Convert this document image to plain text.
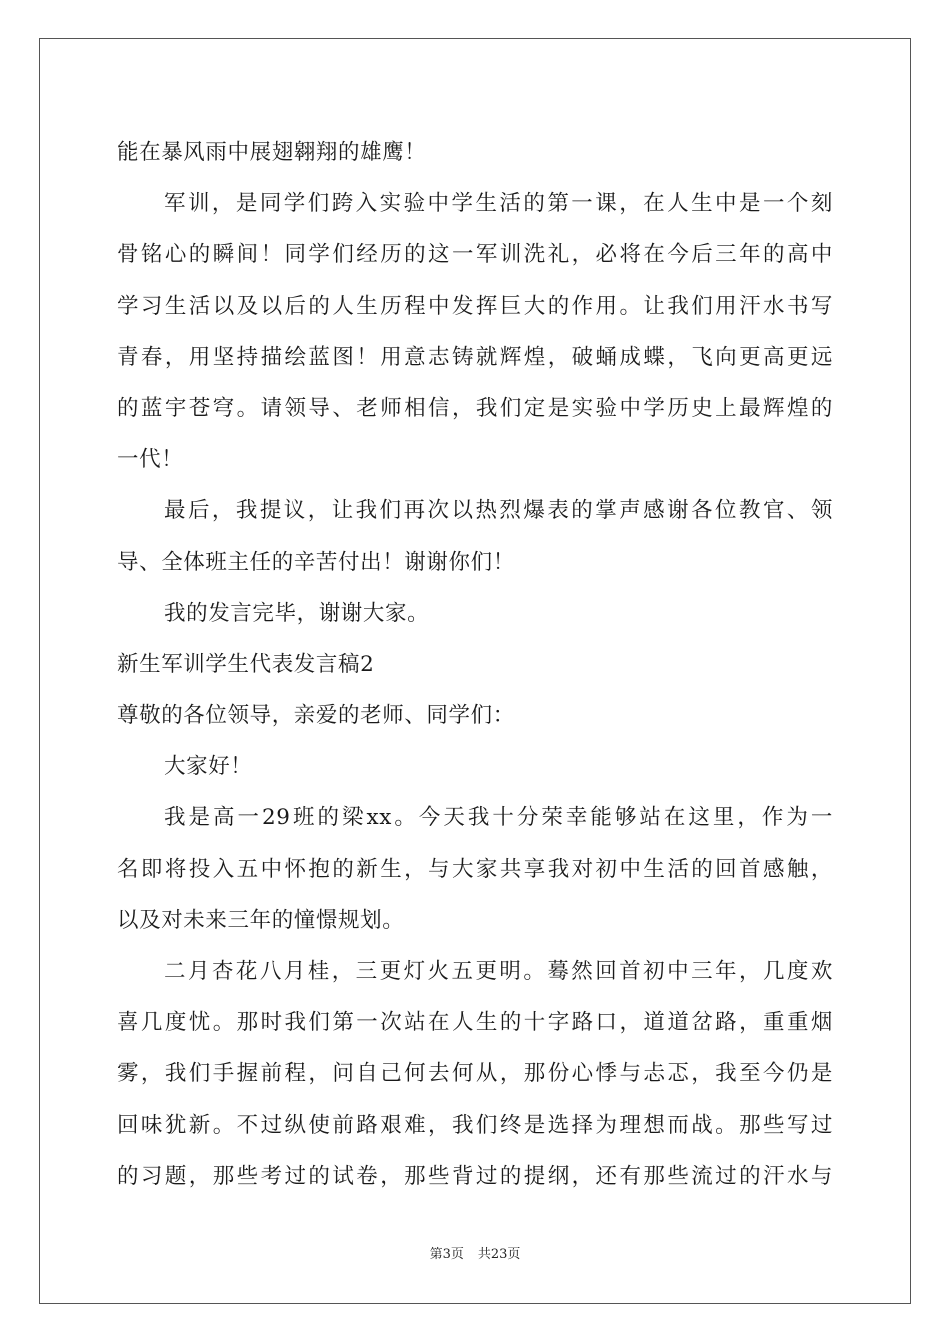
能在暴风雨中展翅翱翔的雄鹰！
军训，是同学们跨入实验中学生活的第一课，在人生中是一个刻
骨铭心的瞬间！同学们经历的这一军训洗礼，必将在今后三年的高中
学习生活以及以后的人生历程中发挥巨大的作用。让我们用汗水书写
青春，用坚持描绘蓝图！用意志铸就辉煌，破蛹成蝶，飞向更高更远
的蓝宇苍穹。请领导、老师相信，我们定是实验中学历史上最辉煌的
一代！
最后，我提议，让我们再次以热烈爆表的掌声感谢各位教官、领
导、全体班主任的辛苦付出！谢谢你们！
我的发言完毕，谢谢大家。
新生军训学生代表发言稿2
尊敬的各位领导，亲爱的老师、同学们：
大家好！
我是高一29班的梁xx。今天我十分荣幸能够站在这里，作为一
名即将投入五中怀抱的新生，与大家共享我对初中生活的回首感触，
以及对未来三年的憧憬规划。
二月杏花八月桂，三更灯火五更明。蓦然回首初中三年，几度欢
喜几度忧。那时我们第一次站在人生的十字路口，道道岔路，重重烟
雾，我们手握前程，问自己何去何从，那份心悸与忐忑，我至今仍是
回味犹新。不过纵使前路艰难，我们终是选择为理想而战。那些写过
的习题，那些考过的试卷，那些背过的提纲，还有那些流过的汗水与
第3页 共23页
